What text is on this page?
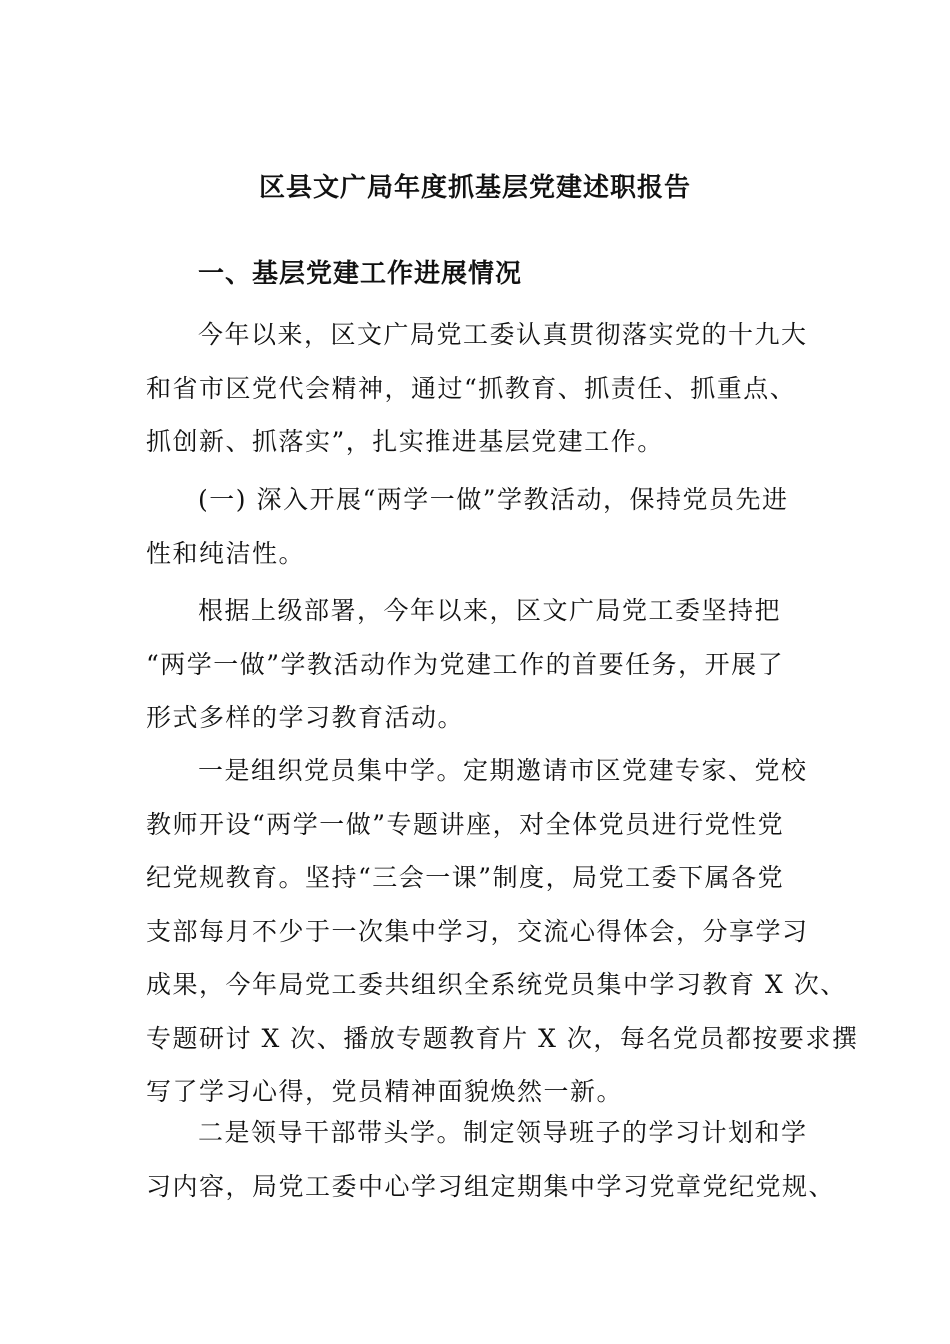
区县文广局年度抓基层党建述职报告
一、基层党建工作进展情况
今年以来，区文广局党工委认真贯彻落实党的十九大
和省市区党代会精神，通过“抓教育、抓责任、抓重点、
抓创新、抓落实”，扎实推进基层党建工作。
(一) 深入开展“两学一做”学教活动，保持党员先进
性和纯洁性。
根据上级部署，今年以来，区文广局党工委坚持把
“两学一做”学教活动作为党建工作的首要任务，开展了
形式多样的学习教育活动。
一是组织党员集中学。定期邀请市区党建专家、党校
教师开设“两学一做”专题讲座，对全体党员进行党性党
纪党规教育。坚持“三会一课”制度，局党工委下属各党
支部每月不少于一次集中学习，交流心得体会，分享学习
成果，今年局党工委共组织全系统党员集中学习教育 X 次、
专题研讨 X 次、播放专题教育片 X 次，每名党员都按要求撰
写了学习心得，党员精神面貌焕然一新。
二是领导干部带头学。制定领导班子的学习计划和学
习内容，局党工委中心学习组定期集中学习党章党纪党规、
